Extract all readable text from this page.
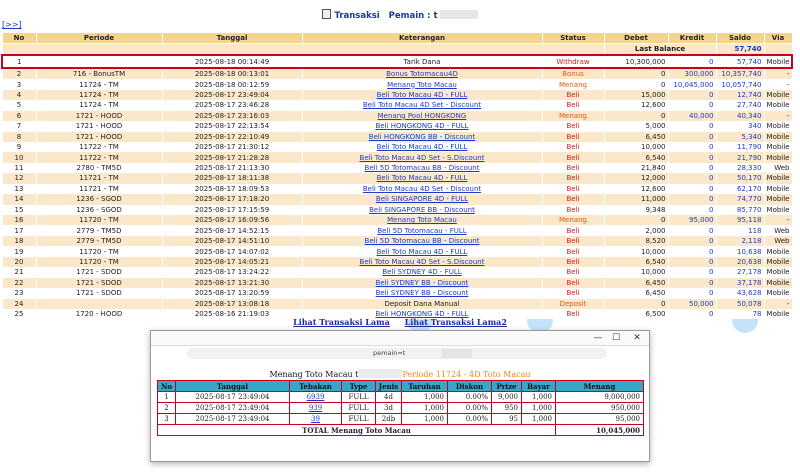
Transaksi Pemain : t
[>>]
No	Periode	Tanggal	Keterangan	Status	Debet	Kredit	Saldo	Via
					Last Balance		57,740	
1		2025-08-18 00:14:49	Tarik Dana	Withdraw	10,300,000	0	57,740	Mobile
2	716 - BonusTM	2025-08-18 00:13:01	Bonus Totomacau4D	Bonus	0	300,000	10,357,740	-
3	11724 - TM	2025-08-18 00:12:59	Menang Toto Macau	Menang	0	10,045,000	10,057,740	-
4	11724 - TM	2025-08-17 23:49:04	Beli Toto Macau 4D - FULL	Beli	15,000	0	12,740	Mobile
5	11724 - TM	2025-08-17 23:46:28	Beli Toto Macau 4D Set - Discount	Beli	12,600	0	27,740	Mobile
6	1721 - HOOD	2025-08-17 23:16:03	Menang Pool HONGKONG	Menang	0	40,000	40,340	-
7	1721 - HOOD	2025-08-17 22:13:54	Beli HONGKONG 4D - FULL	Beli	5,000	0	340	Mobile
8	1721 - HOOD	2025-08-17 22:10:49	Beli HONGKONG BB - Discount	Beli	6,450	0	5,340	Mobile
9	11722 - TM	2025-08-17 21:30:12	Beli Toto Macau 4D - FULL	Beli	10,000	0	11,790	Mobile
10	11722 - TM	2025-08-17 21:28:28	Beli Toto Macau 4D Set - S.Discount	Beli	6,540	0	21,790	Mobile
11	2780 - TM5D	2025-08-17 21:13:30	Beli 5D Totomacau BB - Discount	Beli	21,840	0	28,330	Web
12	11721 - TM	2025-08-17 18:11:38	Beli Toto Macau 4D - FULL	Beli	12,000	0	50,170	Mobile
13	11721 - TM	2025-08-17 18:09:53	Beli Toto Macau 4D Set - Discount	Beli	12,600	0	62,170	Mobile
14	1236 - SGOD	2025-08-17 17:18:20	Beli SINGAPORE 4D - FULL	Beli	11,000	0	74,770	Mobile
15	1236 - SGOD	2025-08-17 17:15:59	Beli SINGAPORE BB - Discount	Beli	9,348	0	85,770	Mobile
16	11720 - TM	2025-08-17 16:09:56	Menang Toto Macau	Menang	0	95,000	95,118	-
17	2779 - TM5D	2025-08-17 14:52:15	Beli 5D Totomacau - FULL	Beli	2,000	0	118	Web
18	2779 - TM5D	2025-08-17 14:51:10	Beli 5D Totomacau BB - Discount	Beli	8,520	0	2,118	Web
19	11720 - TM	2025-08-17 14:07:02	Beli Toto Macau 4D - FULL	Beli	10,000	0	10,638	Mobile
20	11720 - TM	2025-08-17 14:05:21	Beli Toto Macau 4D Set - S.Discount	Beli	6,540	0	20,638	Mobile
21	1721 - SDOD	2025-08-17 13:24:22	Beli SYDNEY 4D - FULL	Beli	10,000	0	27,178	Mobile
22	1721 - SDOD	2025-08-17 13:21:30	Beli SYDNEY BB - Discount	Beli	6,450	0	37,178	Mobile
23	1721 - SDOD	2025-08-17 13:20:59	Beli SYDNEY BB - Discount	Beli	6,450	0	43,628	Mobile
24		2025-08-17 13:08:18	Deposit Dana Manual	Deposit	0	50,000	50,078	-
25	1720 - HOOD	2025-08-16 21:19:03	Beli HONGKONG 4D - FULL	Beli	6,500	0	78	Mobile
Lihat Transaksi Lama Lihat Transaksi Lama2
—	☐	✕
pemain=t
Menang Toto Macau t	Periode 11724 - 4D Toto Macau
No	Tanggal	Tebakan	Type	Jenis	Taruhan	Diskon	Prize	Bayar	Menang
1	2025-08-17 23:49:04	6939	FULL	4d	1,000	0.00%	9,000	1,000	9,000,000
2	2025-08-17 23:49:04	939	FULL	3d	1,000	0.00%	950	1,000	950,000
3	2025-08-17 23:49:04	39	FULL	2db	1,000	0.00%	95	1,000	95,000
TOTAL Menang Toto Macau									10,045,000
